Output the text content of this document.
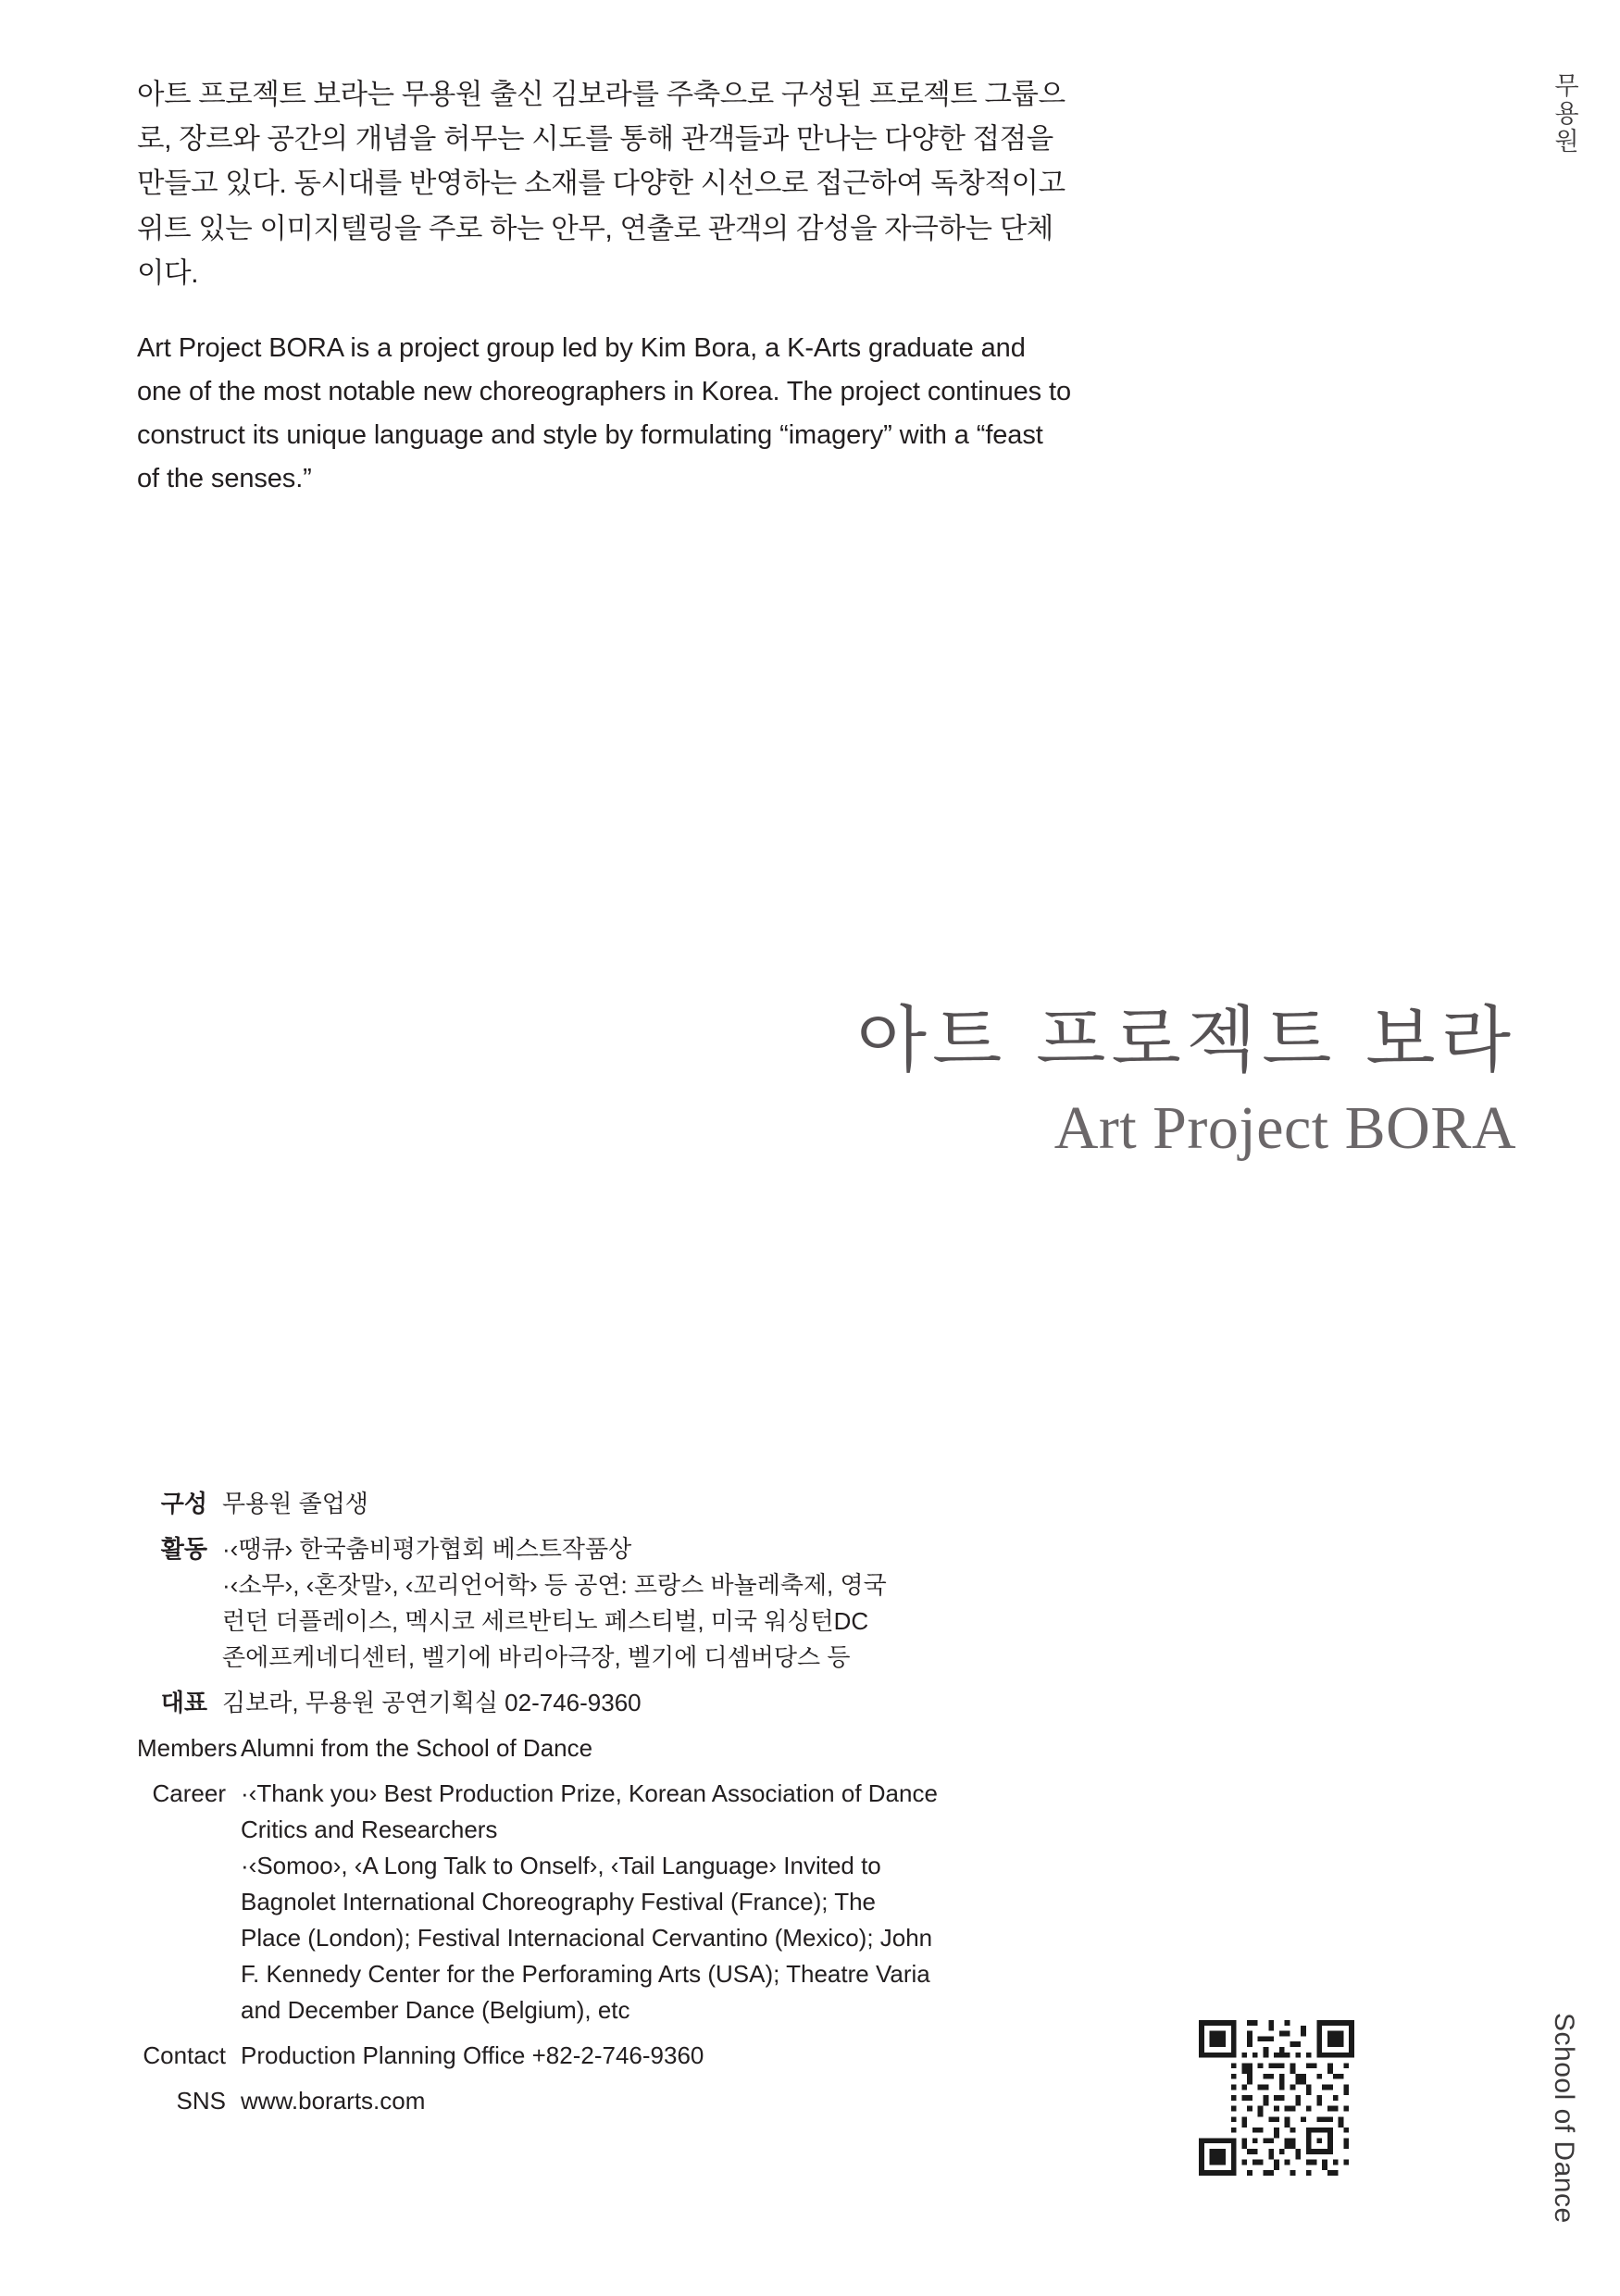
아트 프로젝트 보라는 무용원 출신 김보라를 주축으로 구성된 프로젝트 그룹으로, 장르와 공간의 개념을 허무는 시도를 통해 관객들과 만나는 다양한 접점을 만들고 있다. 동시대를 반영하는 소재를 다양한 시선으로 접근하여 독창적이고 위트 있는 이미지텔링을 주로 하는 안무, 연출로 관객의 감성을 자극하는 단체이다.

Art Project BORA is a project group led by Kim Bora, a K-Arts graduate and one of the most notable new choreographers in Korea. The project continues to construct its unique language and style by formulating “imagery” with a “feast of the senses.”

무용원
School of Dance
아트 프로젝트 보라
Art Project BORA
구성 무용원 졸업생
활동 ·‹땡큐› 한국춤비평가협회 베스트작품상
·‹소무›, ‹혼잣말›, ‹꼬리언어학› 등 공연: 프랑스 바뇰레축제, 영국
런던 더플레이스, 멕시코 세르반티노 페스티벌, 미국 워싱턴DC
존에프케네디센터, 벨기에 바리아극장, 벨기에 디셈버당스 등
대표 김보라, 무용원 공연기획실 02-746-9360
Members Alumni from the School of Dance
Career ·‹Thank you› Best Production Prize, Korean Association of Dance
Critics and Researchers
·‹Somoo›, ‹A Long Talk to Onself›, ‹Tail Language› Invited to
Bagnolet International Choreography Festival (France); The
Place (London); Festival Internacional Cervantino (Mexico); John
F. Kennedy Center for the Perforaming Arts (USA); Theatre Varia
and December Dance (Belgium), etc
Contact Production Planning Office +82-2-746-9360
SNS www.borarts.com
